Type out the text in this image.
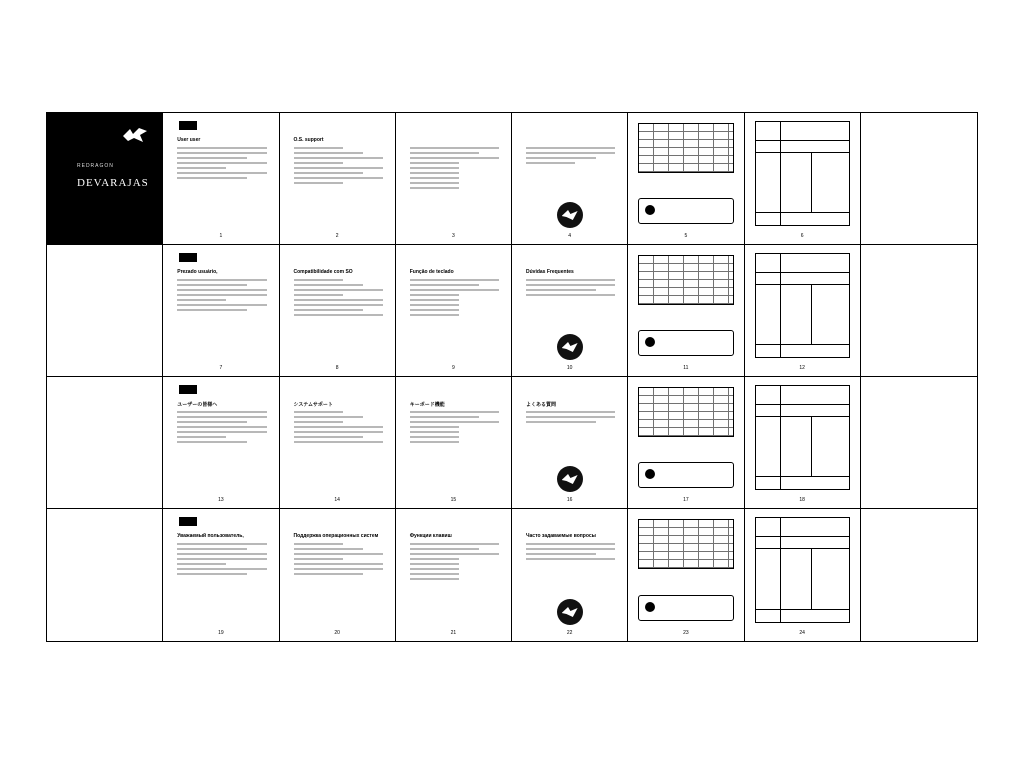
REDRAGON
DEVARAJAS
User user
1
O.S. support
2	3	4	5	6
Prezado usuário,
7
Compatibilidade com SO
8
Função de teclado
9
Dúvidas Frequentes
10	11	12
ユーザーの皆様へ
13
システムサポート
14
キーボード機能
15
よくある質問
16	17	18
Уважаемый пользователь,
19
Поддержка операционных систем
20
Функции клавиш
21
Часто задаваемые вопросы
22	23	24
